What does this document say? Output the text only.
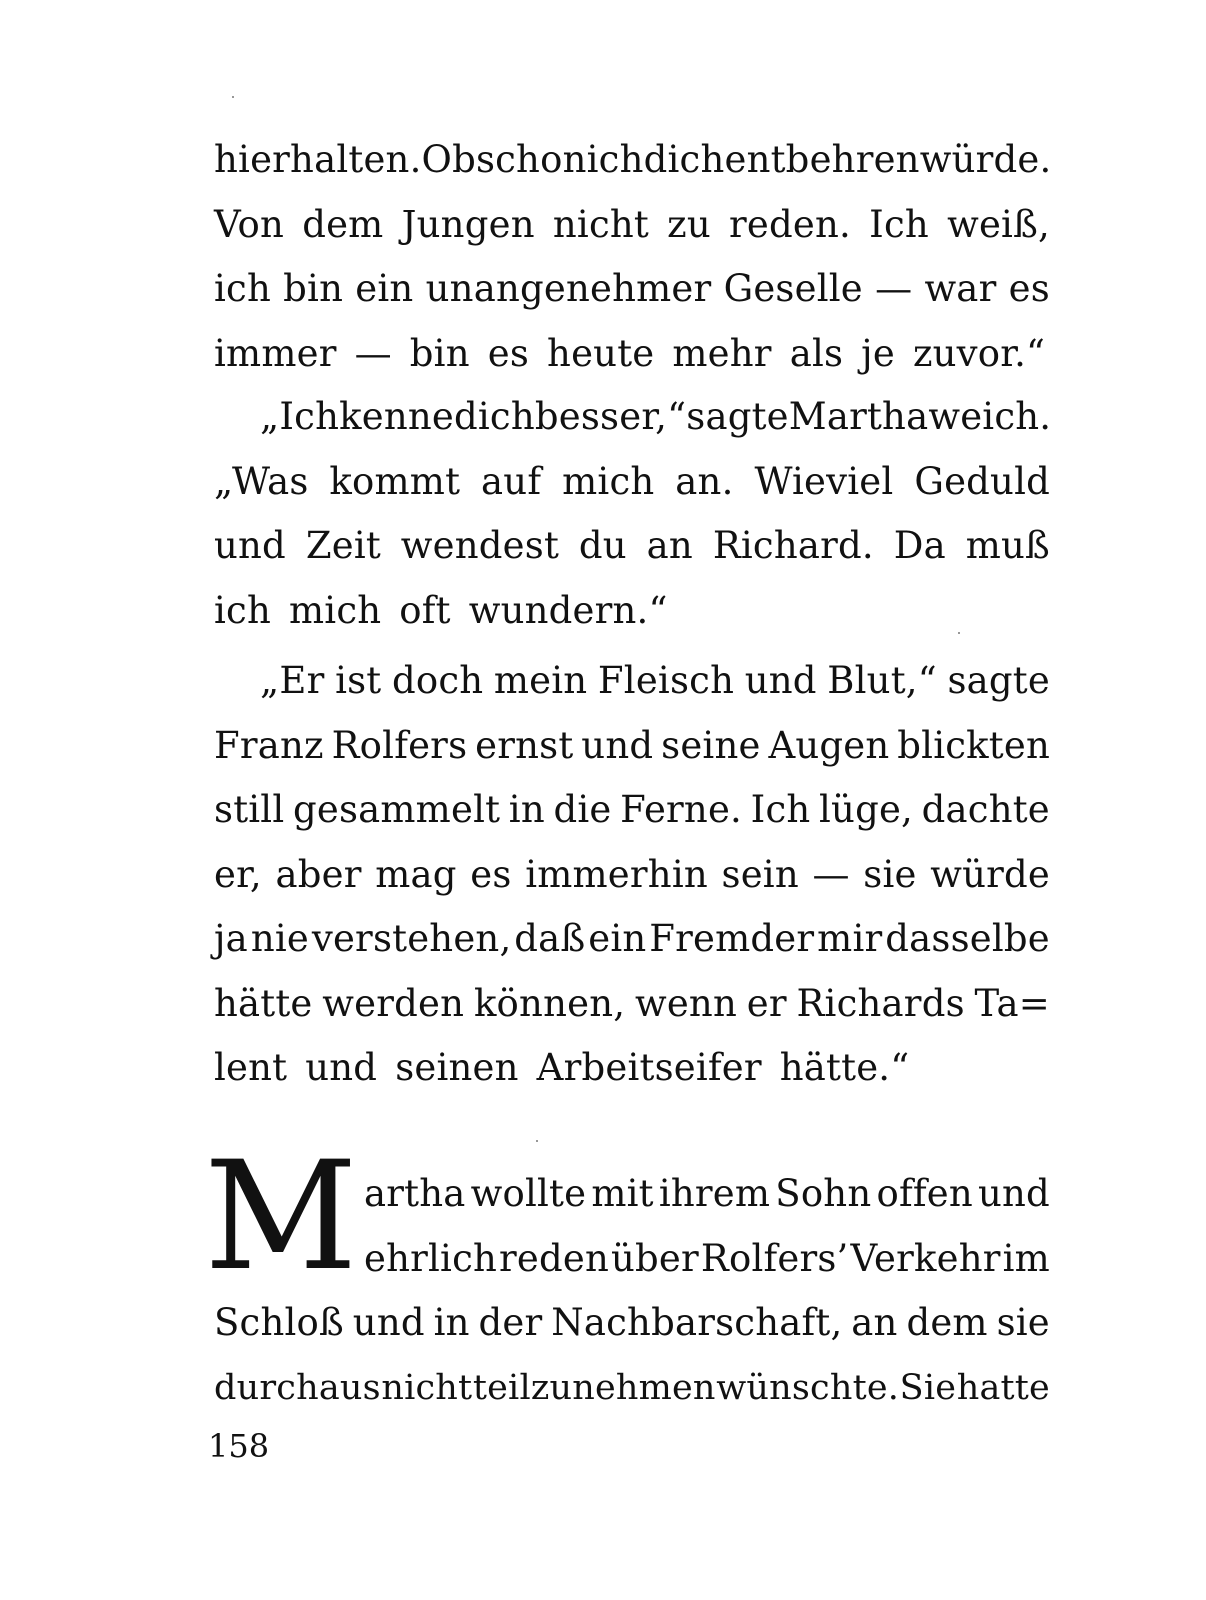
hier halten. Obschon ich dich entbehren würde.
Von dem Jungen nicht zu reden. Ich weiß,
ich bin ein unangenehmer Geselle — war es
immer — bin es heute mehr als je zuvor.“
„Ich kenne dich besser,“ sagte Martha weich.
„Was kommt auf mich an. Wieviel Geduld
und Zeit wendest du an Richard. Da muß
ich mich oft wundern.“
„Er ist doch mein Fleisch und Blut,“ sagte
Franz Rolfers ernst und seine Augen blickten
still gesammelt in die Ferne. Ich lüge, dachte
er, aber mag es immerhin sein — sie würde
ja nie verstehen, daß ein Fremder mir dasselbe
hätte werden können, wenn er Richards Ta=
lent und seinen Arbeitseifer hätte.“
M artha wollte mit ihrem Sohn offen und
ehrlich reden über Rolfers’ Verkehr im
Schloß und in der Nachbarschaft, an dem sie
durchaus nicht teilzunehmen wünschte. Sie hatte
158
